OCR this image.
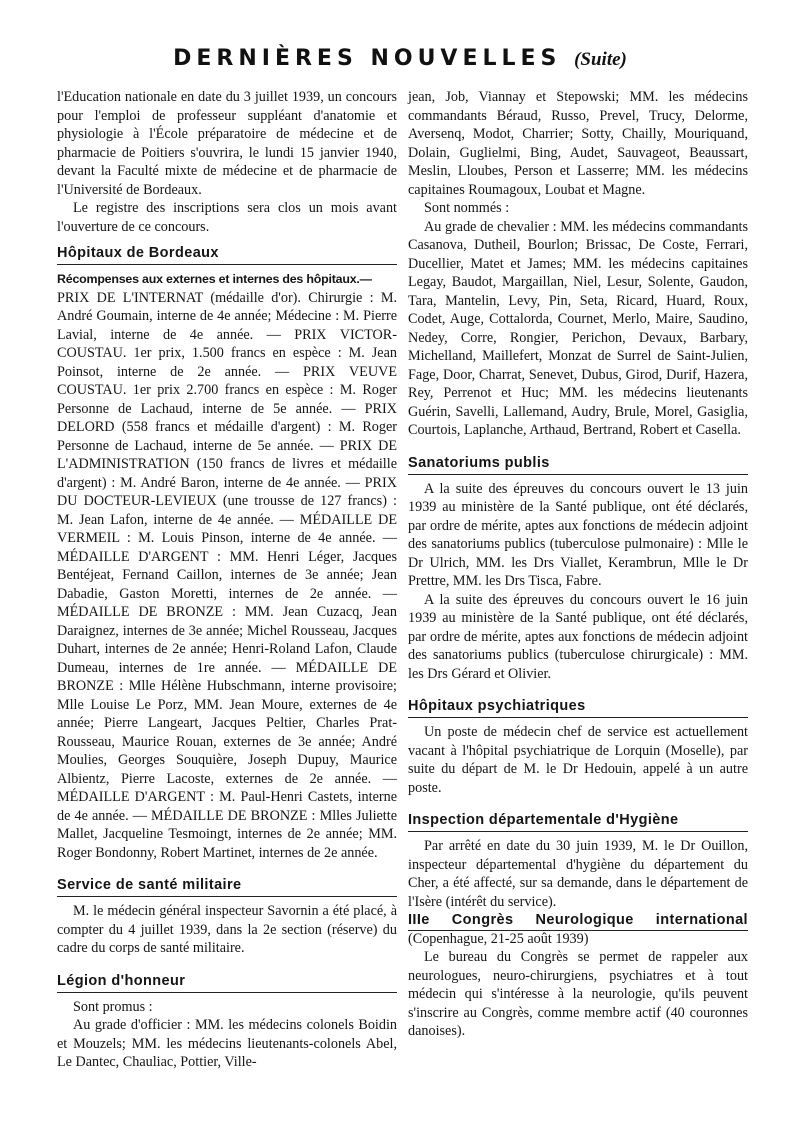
DERNIÈRES NOUVELLES (Suite)

l'Education nationale en date du 3 juillet 1939, un concours pour l'emploi de professeur suppléant d'anatomie et physiologie à l'École préparatoire de médecine et de pharmacie de Poitiers s'ouvrira, le lundi 15 janvier 1940, devant la Faculté mixte de médecine et de pharmacie de l'Université de Bordeaux.

Le registre des inscriptions sera clos un mois avant l'ouverture de ce concours.

Hôpitaux de Bordeaux

Récompenses aux externes et internes des hôpitaux.—

PRIX DE L'INTERNAT (médaille d'or). Chirurgie : M. André Goumain, interne de 4e année; Médecine : M. Pierre Lavial, interne de 4e année. — PRIX VICTOR-COUSTAU. 1er prix, 1.500 francs en espèce : M. Jean Poinsot, interne de 2e année. — PRIX VEUVE COUSTAU. 1er prix 2.700 francs en espèce : M. Roger Personne de Lachaud, interne de 5e année. — PRIX DELORD (558 francs et médaille d'argent) : M. Roger Personne de Lachaud, interne de 5e année. — PRIX DE L'ADMINISTRATION (150 francs de livres et médaille d'argent) : M. André Baron, interne de 4e année. — PRIX DU DOCTEUR-LEVIEUX (une trousse de 127 francs) : M. Jean Lafon, interne de 4e année. — MÉDAILLE DE VERMEIL : M. Louis Pinson, interne de 4e année. — MÉDAILLE D'ARGENT : MM. Henri Léger, Jacques Bentéjeat, Fernand Caillon, internes de 3e année; Jean Dabadie, Gaston Moretti, internes de 2e année. — MÉDAILLE DE BRONZE : MM. Jean Cuzacq, Jean Daraignez, internes de 3e année; Michel Rousseau, Jacques Duhart, internes de 2e année; Henri-Roland Lafon, Claude Dumeau, internes de 1re année. — MÉDAILLE DE BRONZE : Mlle Hélène Hubschmann, interne provisoire; Mlle Louise Le Porz, MM. Jean Moure, externes de 4e année; Pierre Langeart, Jacques Peltier, Charles Prat-Rousseau, Maurice Rouan, externes de 3e année; André Moulies, Georges Souquière, Joseph Dupuy, Maurice Albientz, Pierre Lacoste, externes de 2e année. — MÉDAILLE D'ARGENT : M. Paul-Henri Castets, interne de 4e année. — MÉDAILLE DE BRONZE : Mlles Juliette Mallet, Jacqueline Tesmoingt, internes de 2e année; MM. Roger Bondonny, Robert Martinet, internes de 2e année.

Service de santé militaire

M. le médecin général inspecteur Savornin a été placé, à compter du 4 juillet 1939, dans la 2e section (réserve) du cadre du corps de santé militaire.

Légion d'honneur

Sont promus :

Au grade d'officier : MM. les médecins colonels Boidin et Mouzels; MM. les médecins lieutenants-colonels Abel, Le Dantec, Chauliac, Pottier, Ville-

jean, Job, Viannay et Stepowski; MM. les médecins commandants Béraud, Russo, Prevel, Trucy, Delorme, Aversenq, Modot, Charrier; Sotty, Chailly, Mouriquand, Dolain, Guglielmi, Bing, Audet, Sauvageot, Beaussart, Meslin, Lloubes, Person et Lasserre; MM. les médecins capitaines Roumagoux, Loubat et Magne.

Sont nommés :

Au grade de chevalier : MM. les médecins commandants Casanova, Dutheil, Bourlon; Brissac, De Coste, Ferrari, Ducellier, Matet et James; MM. les médecins capitaines Legay, Baudot, Margaillan, Niel, Lesur, Solente, Gaudon, Tara, Mantelin, Levy, Pin, Seta, Ricard, Huard, Roux, Codet, Auge, Cottalorda, Cournet, Merlo, Maire, Saudino, Nedey, Corre, Rongier, Perichon, Devaux, Barbary, Michelland, Maillefert, Monzat de Surrel de Saint-Julien, Fage, Door, Charrat, Senevet, Dubus, Girod, Durif, Hazera, Rey, Perrenot et Huc; MM. les médecins lieutenants Guérin, Savelli, Lallemand, Audry, Brule, Morel, Gasiglia, Courtois, Laplanche, Arthaud, Bertrand, Robert et Casella.

Sanatoriums publis

A la suite des épreuves du concours ouvert le 13 juin 1939 au ministère de la Santé publique, ont été déclarés, par ordre de mérite, aptes aux fonctions de médecin adjoint des sanatoriums publics (tuberculose pulmonaire) : Mlle le Dr Ulrich, MM. les Drs Viallet, Kerambrun, Mlle le Dr Prettre, MM. les Drs Tisca, Fabre.

A la suite des épreuves du concours ouvert le 16 juin 1939 au ministère de la Santé publique, ont été déclarés, par ordre de mérite, aptes aux fonctions de médecin adjoint des sanatoriums publics (tuberculose chirurgicale) : MM. les Drs Gérard et Olivier.

Hôpitaux psychiatriques

Un poste de médecin chef de service est actuellement vacant à l'hôpital psychiatrique de Lorquin (Moselle), par suite du départ de M. le Dr Hedouin, appelé à un autre poste.

Inspection départementale d'Hygiène

Par arrêté en date du 30 juin 1939, M. le Dr Ouillon, inspecteur départemental d'hygiène du département du Cher, a été affecté, sur sa demande, dans le département de l'Isère (intérêt du service).

IIIe Congrès Neurologique international (Copenhague, 21-25 août 1939)

Le bureau du Congrès se permet de rappeler aux neurologues, neuro-chirurgiens, psychiatres et à tout médecin qui s'intéresse à la neurologie, qu'ils peuvent s'inscrire au Congrès, comme membre actif (40 couronnes danoises).
